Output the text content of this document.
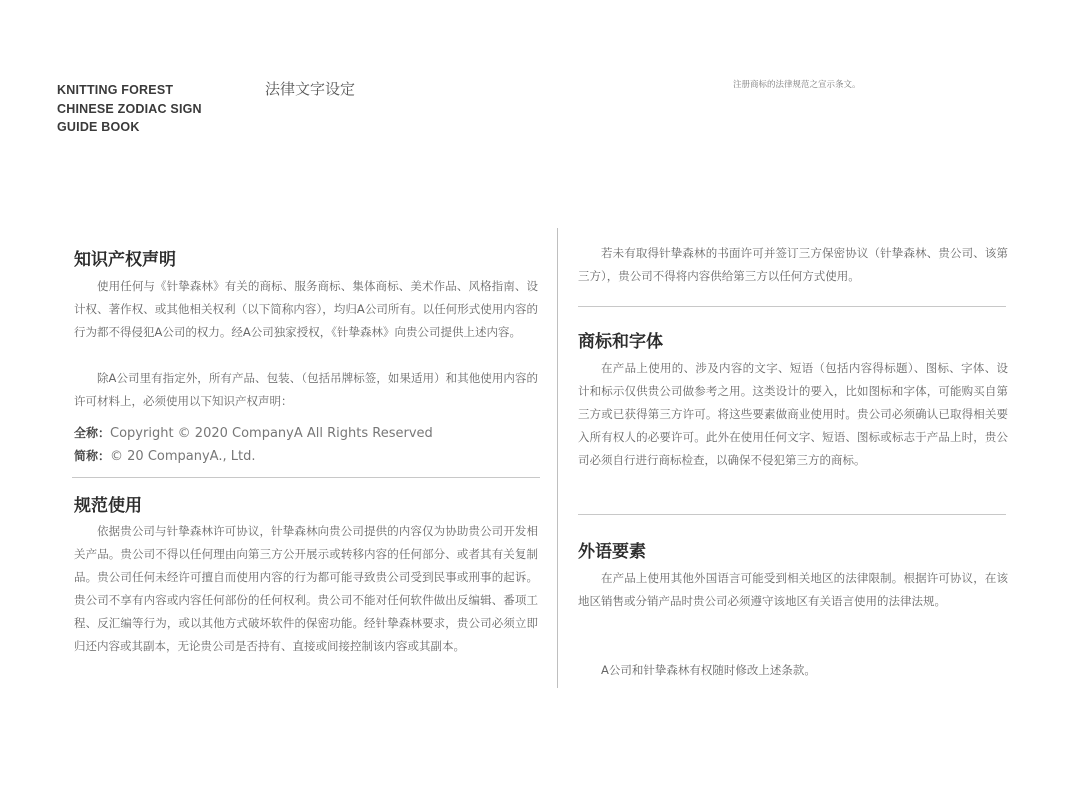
KNITTING FOREST
CHINESE ZODIAC SIGN
GUIDE BOOK
法律文字设定	注册商标的法律规范之宣示条文。
知识产权声明

使用任何与《针挚森林》有关的商标、服务商标、集体商标、美术作品、风格指南、设计权、著作权、或其他相关权利（以下简称内容），均归A公司所有。以任何形式使用内容的行为都不得侵犯A公司的权力。经A公司独家授权，《针挚森林》向贵公司提供上述内容。

除A公司里有指定外，所有产品、包装、（包括吊牌标签，如果适用）和其他使用内容的许可材料上，必须使用以下知识产权声明：

全称：Copyright © 2020 CompanyA All Rights Reserved

简称：© 20 CompanyA., Ltd.

规范使用

依据贵公司与针挚森林许可协议，针挚森林向贵公司提供的内容仅为协助贵公司开发相关产品。贵公司不得以任何理由向第三方公开展示或转移内容的任何部分、或者其有关复制品。贵公司任何未经许可擅自而使用内容的行为都可能寻致贵公司受到民事或刑事的起诉。贵公司不享有内容或内容任何部份的任何权利。贵公司不能对任何软件做出反编辑、番项工程、反汇编等行为，或以其他方式破坏软件的保密功能。经针挚森林要求，贵公司必须立即归还内容或其副本，无论贵公司是否持有、直接或间接控制该内容或其副本。

若未有取得针挚森林的书面许可并签订三方保密协议（针挚森林、贵公司、该第三方），贵公司不得将内容供给第三方以任何方式使用。

商标和字体

在产品上使用的、涉及内容的文字、短语（包括内容得标题）、图标、字体、设计和标示仅供贵公司做参考之用。这类设计的要入，比如图标和字体，可能购买自第三方或已获得第三方许可。将这些要素做商业使用时。贵公司必须确认已取得相关要入所有权人的必要许可。此外在使用任何文字、短语、图标或标志于产品上时，贵公司必须自行进行商标检查，以确保不侵犯第三方的商标。

外语要素

在产品上使用其他外国语言可能受到相关地区的法律限制。根据许可协议，在该地区销售或分销产品时贵公司必须遵守该地区有关语言使用的法律法规。

A公司和针挚森林有权随时修改上述条款。
